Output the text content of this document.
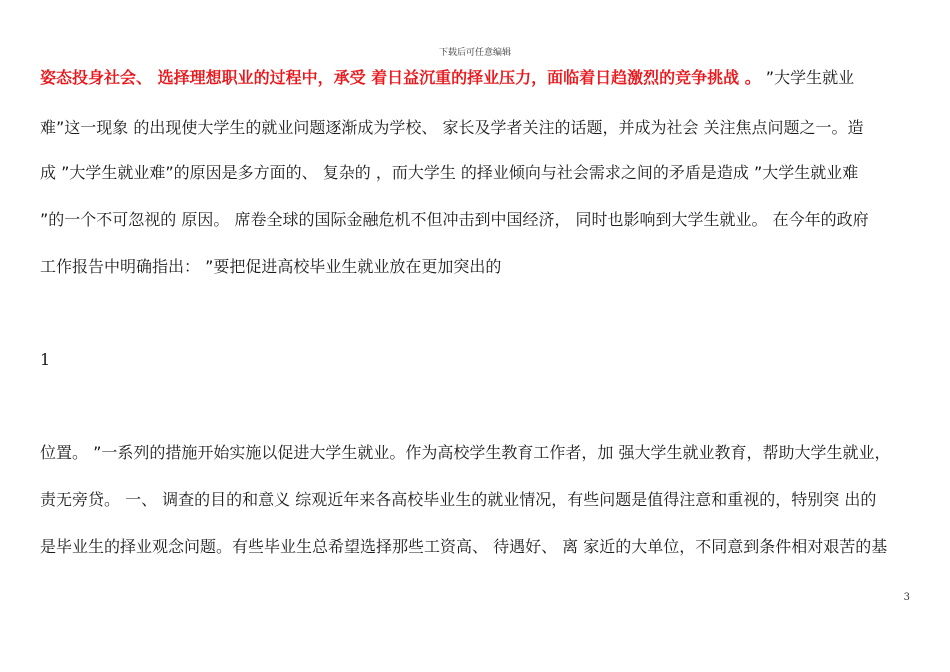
下载后可任意编辑
姿态投身社会、 选择理想职业的过程中，承受 着日益沉重的择业压力，面临着日趋激烈的竞争挑战 。 ”大学生就业
难”这一现象 的出现使大学生的就业问题逐渐成为学校、 家长及学者关注的话题，并成为社会 关注焦点问题之一。造
成 ”大学生就业难”的原因是多方面的、 复杂的 ，而大学生 的择业倾向与社会需求之间的矛盾是造成 ”大学生就业难
”的一个不可忽视的 原因。 席卷全球的国际金融危机不但冲击到中国经济， 同时也影响到大学生就业。 在今年的政府
工作报告中明确指出： ”要把促进高校毕业生就业放在更加突出的
1
位置。 ”一系列的措施开始实施以促进大学生就业。作为高校学生教育工作者，加 强大学生就业教育，帮助大学生就业，
责无旁贷。 一、 调查的目的和意义 综观近年来各高校毕业生的就业情况，有些问题是值得注意和重视的，特别突 出的
是毕业生的择业观念问题。有些毕业生总希望选择那些工资高、 待遇好、 离 家近的大单位，不同意到条件相对艰苦的基
3
